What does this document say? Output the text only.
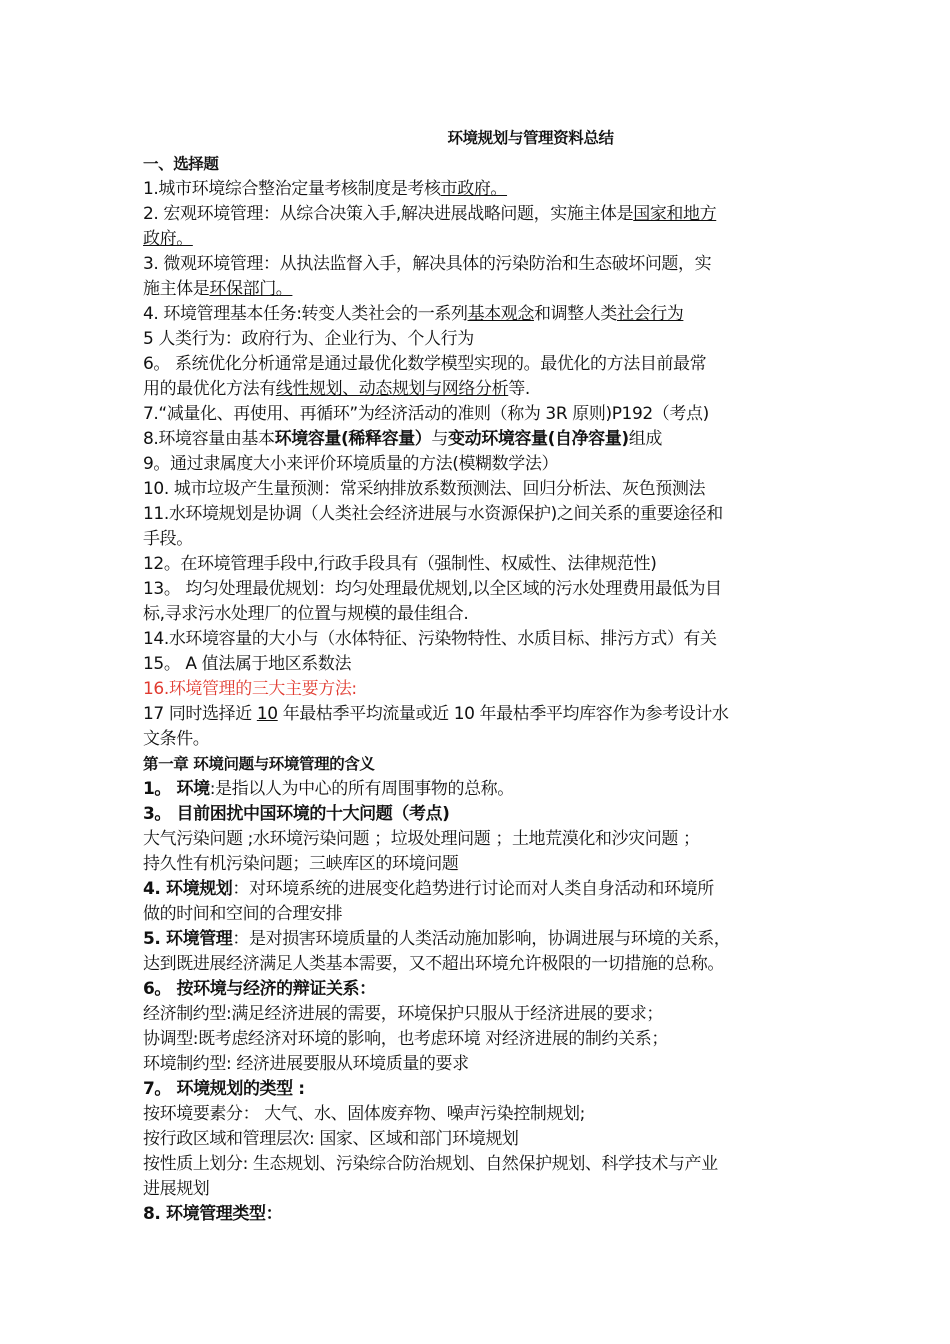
环境规划与管理资料总结
一、选择题

1.城市环境综合整治定量考核制度是考核市政府。

2. 宏观环境管理：从综合决策入手,解决进展战略问题，实施主体是国家和地方
政府。

3. 微观环境管理：从执法监督入手，解决具体的污染防治和生态破坏问题，实
施主体是环保部门。

4. 环境管理基本任务:转变人类社会的一系列基本观念和调整人类社会行为

5 人类行为：政府行为、企业行为、个人行为

6。 系统优化分析通常是通过最优化数学模型实现的。最优化的方法目前最常
用的最优化方法有线性规划、动态规划与网络分析等.

7.“减量化、再使用、再循环”为经济活动的准则（称为 3R 原则)P192（考点)

8.环境容量由基本环境容量(稀释容量）与变动环境容量(自净容量)组成

9。通过隶属度大小来评价环境质量的方法(模糊数学法）

10. 城市垃圾产生量预测：常采纳排放系数预测法、回归分析法、灰色预测法

11.水环境规划是协调（人类社会经济进展与水资源保护)之间关系的重要途径和
手段。

12。在环境管理手段中,行政手段具有（强制性、权威性、法律规范性)

13。 均匀处理最优规划：均匀处理最优规划,以全区域的污水处理费用最低为目
标,寻求污水处理厂的位置与规模的最佳组合.

14.水环境容量的大小与（水体特征、污染物特性、水质目标、排污方式）有关

15。 A 值法属于地区系数法

16.环境管理的三大主要方法:

17 同时选择近 10 年最枯季平均流量或近 10 年最枯季平均库容作为参考设计水
文条件。

第一章 环境问题与环境管理的含义

1。 环境:是指以人为中心的所有周围事物的总称。

3。 目前困扰中国环境的十大问题（考点)

大气污染问题 ;水环境污染问题 ；垃圾处理问题 ；土地荒漠化和沙灾问题 ；

持久性有机污染问题；三峡库区的环境问题

4. 环境规划：对环境系统的进展变化趋势进行讨论而对人类自身活动和环境所
做的时间和空间的合理安排

5. 环境管理：是对损害环境质量的人类活动施加影响，协调进展与环境的关系，
达到既进展经济满足人类基本需要，又不超出环境允许极限的一切措施的总称。

6。 按环境与经济的辩证关系：

经济制约型:满足经济进展的需要，环境保护只服从于经济进展的要求；

协调型:既考虑经济对环境的影响，也考虑环境 对经济进展的制约关系；

环境制约型: 经济进展要服从环境质量的要求

7。 环境规划的类型 :

按环境要素分： 大气、水、固体废弃物、噪声污染控制规划;

按行政区域和管理层次: 国家、区域和部门环境规划

按性质上划分: 生态规划、污染综合防治规划、自然保护规划、科学技术与产业

进展规划

8. 环境管理类型：
